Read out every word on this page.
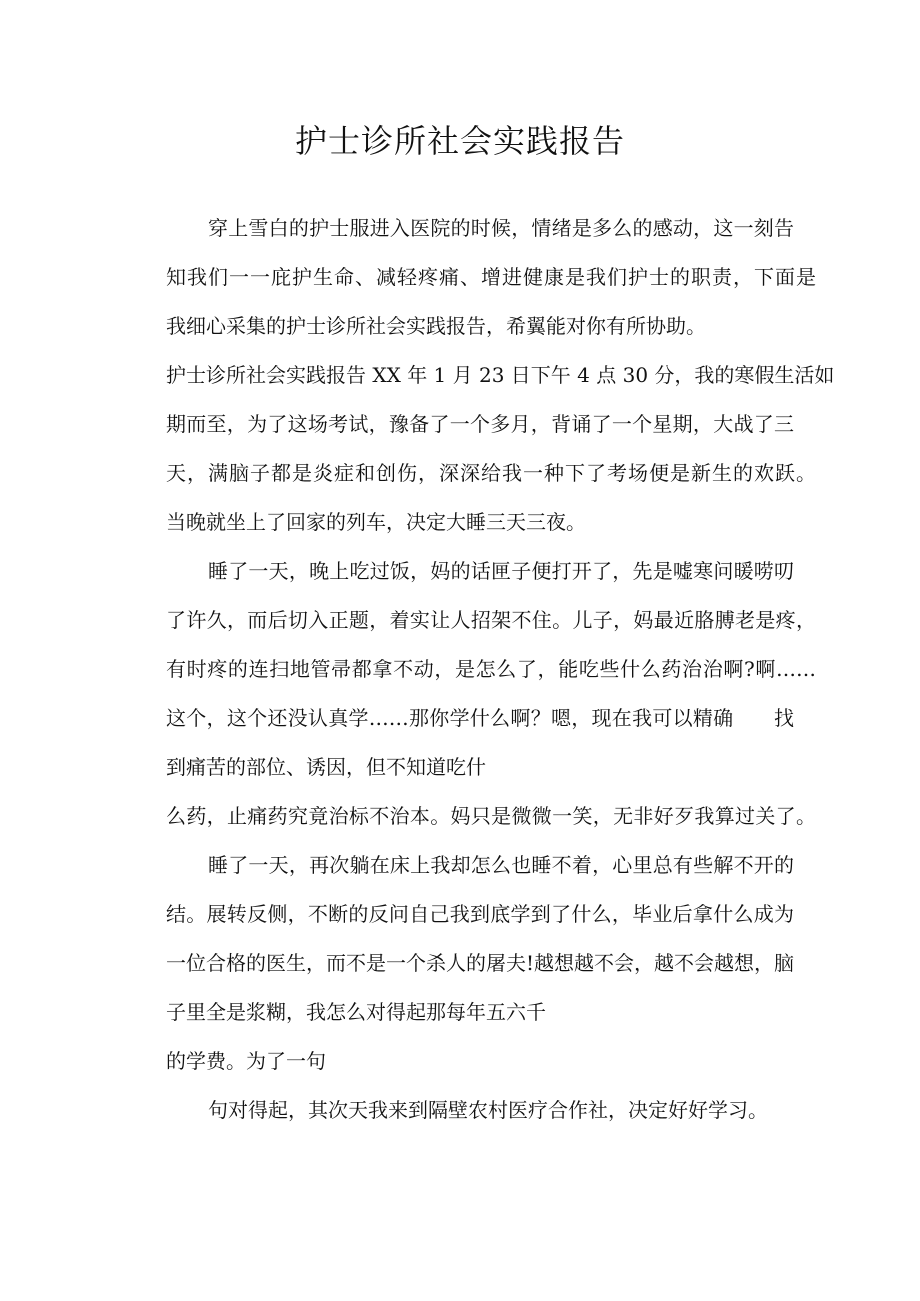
护士诊所社会实践报告
穿上雪白的护士服进入医院的时候，情绪是多么的感动，这一刻告
知我们一一庇护生命、减轻疼痛、增进健康是我们护士的职责，下面是
我细心采集的护士诊所社会实践报告，希翼能对你有所协助。
护士诊所社会实践报告 XX 年 1 月 23 日下午 4 点 30 分，我的寒假生活如
期而至，为了这场考试，豫备了一个多月，背诵了一个星期，大战了三
天，满脑子都是炎症和创伤，深深给我一种下了考场便是新生的欢跃。
当晚就坐上了回家的列车，决定大睡三天三夜。
睡了一天，晚上吃过饭，妈的话匣子便打开了，先是嘘寒问暖唠叨
了许久，而后切入正题，着实让人招架不住。儿子，妈最近胳膊老是疼，
有时疼的连扫地管帚都拿不动，是怎么了，能吃些什么药治治啊?啊……
这个，这个还没认真学……那你学什么啊？嗯，现在我可以精确　　找
到痛苦的部位、诱因，但不知道吃什
么药，止痛药究竟治标不治本。妈只是微微一笑，无非好歹我算过关了。
睡了一天，再次躺在床上我却怎么也睡不着，心里总有些解不开的
结。展转反侧，不断的反问自己我到底学到了什么，毕业后拿什么成为
一位合格的医生，而不是一个杀人的屠夫!越想越不会，越不会越想，脑
子里全是浆糊，我怎么对得起那每年五六千
的学费。为了一句
句对得起，其次天我来到隔壁农村医疗合作社，决定好好学习。
